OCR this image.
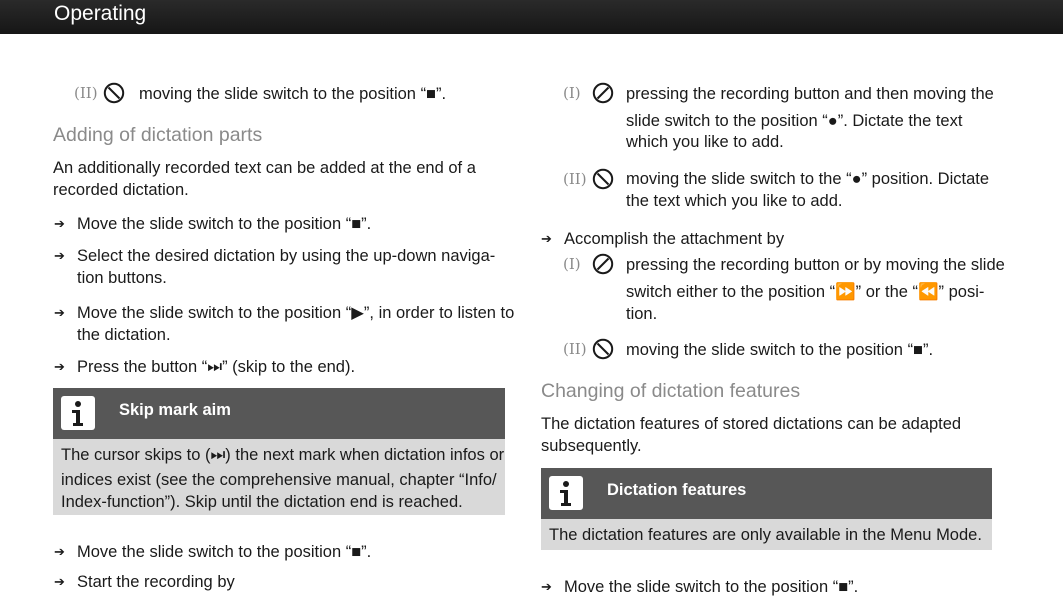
Operating
(II)	moving the slide switch to the position “■”.
Adding of dictation parts
An additionally recorded text can be added at the end of a
recorded dictation.
➔ Move the slide switch to the position “■”.
➔ Select the desired dictation by using the up-down naviga-
tion buttons.
➔ Move the slide switch to the position “▶”, in order to listen to
the dictation.
➔ Press the button “⏭” (skip to the end).
Skip mark aim
The cursor skips to (⏭) the next mark when dictation infos or
indices exist (see the comprehensive manual, chapter “Info/
Index-function”). Skip until the dictation end is reached.
➔ Move the slide switch to the position “■”.
➔ Start the recording by
(I)	pressing the recording button and then moving the
slide switch to the position “●”. Dictate the text
which you like to add.
(II) moving the slide switch to the “●” position. Dictate
the text which you like to add.
➔ Accomplish the attachment by
(I)	pressing the recording button or by moving the slide
switch either to the position “⏩” or the “⏪” posi-
tion.
(II) moving the slide switch to the position “■”.
Changing of dictation features
The dictation features of stored dictations can be adapted
subsequently.
Dictation features
The dictation features are only available in the Menu Mode.
➔ Move the slide switch to the position “■”.
